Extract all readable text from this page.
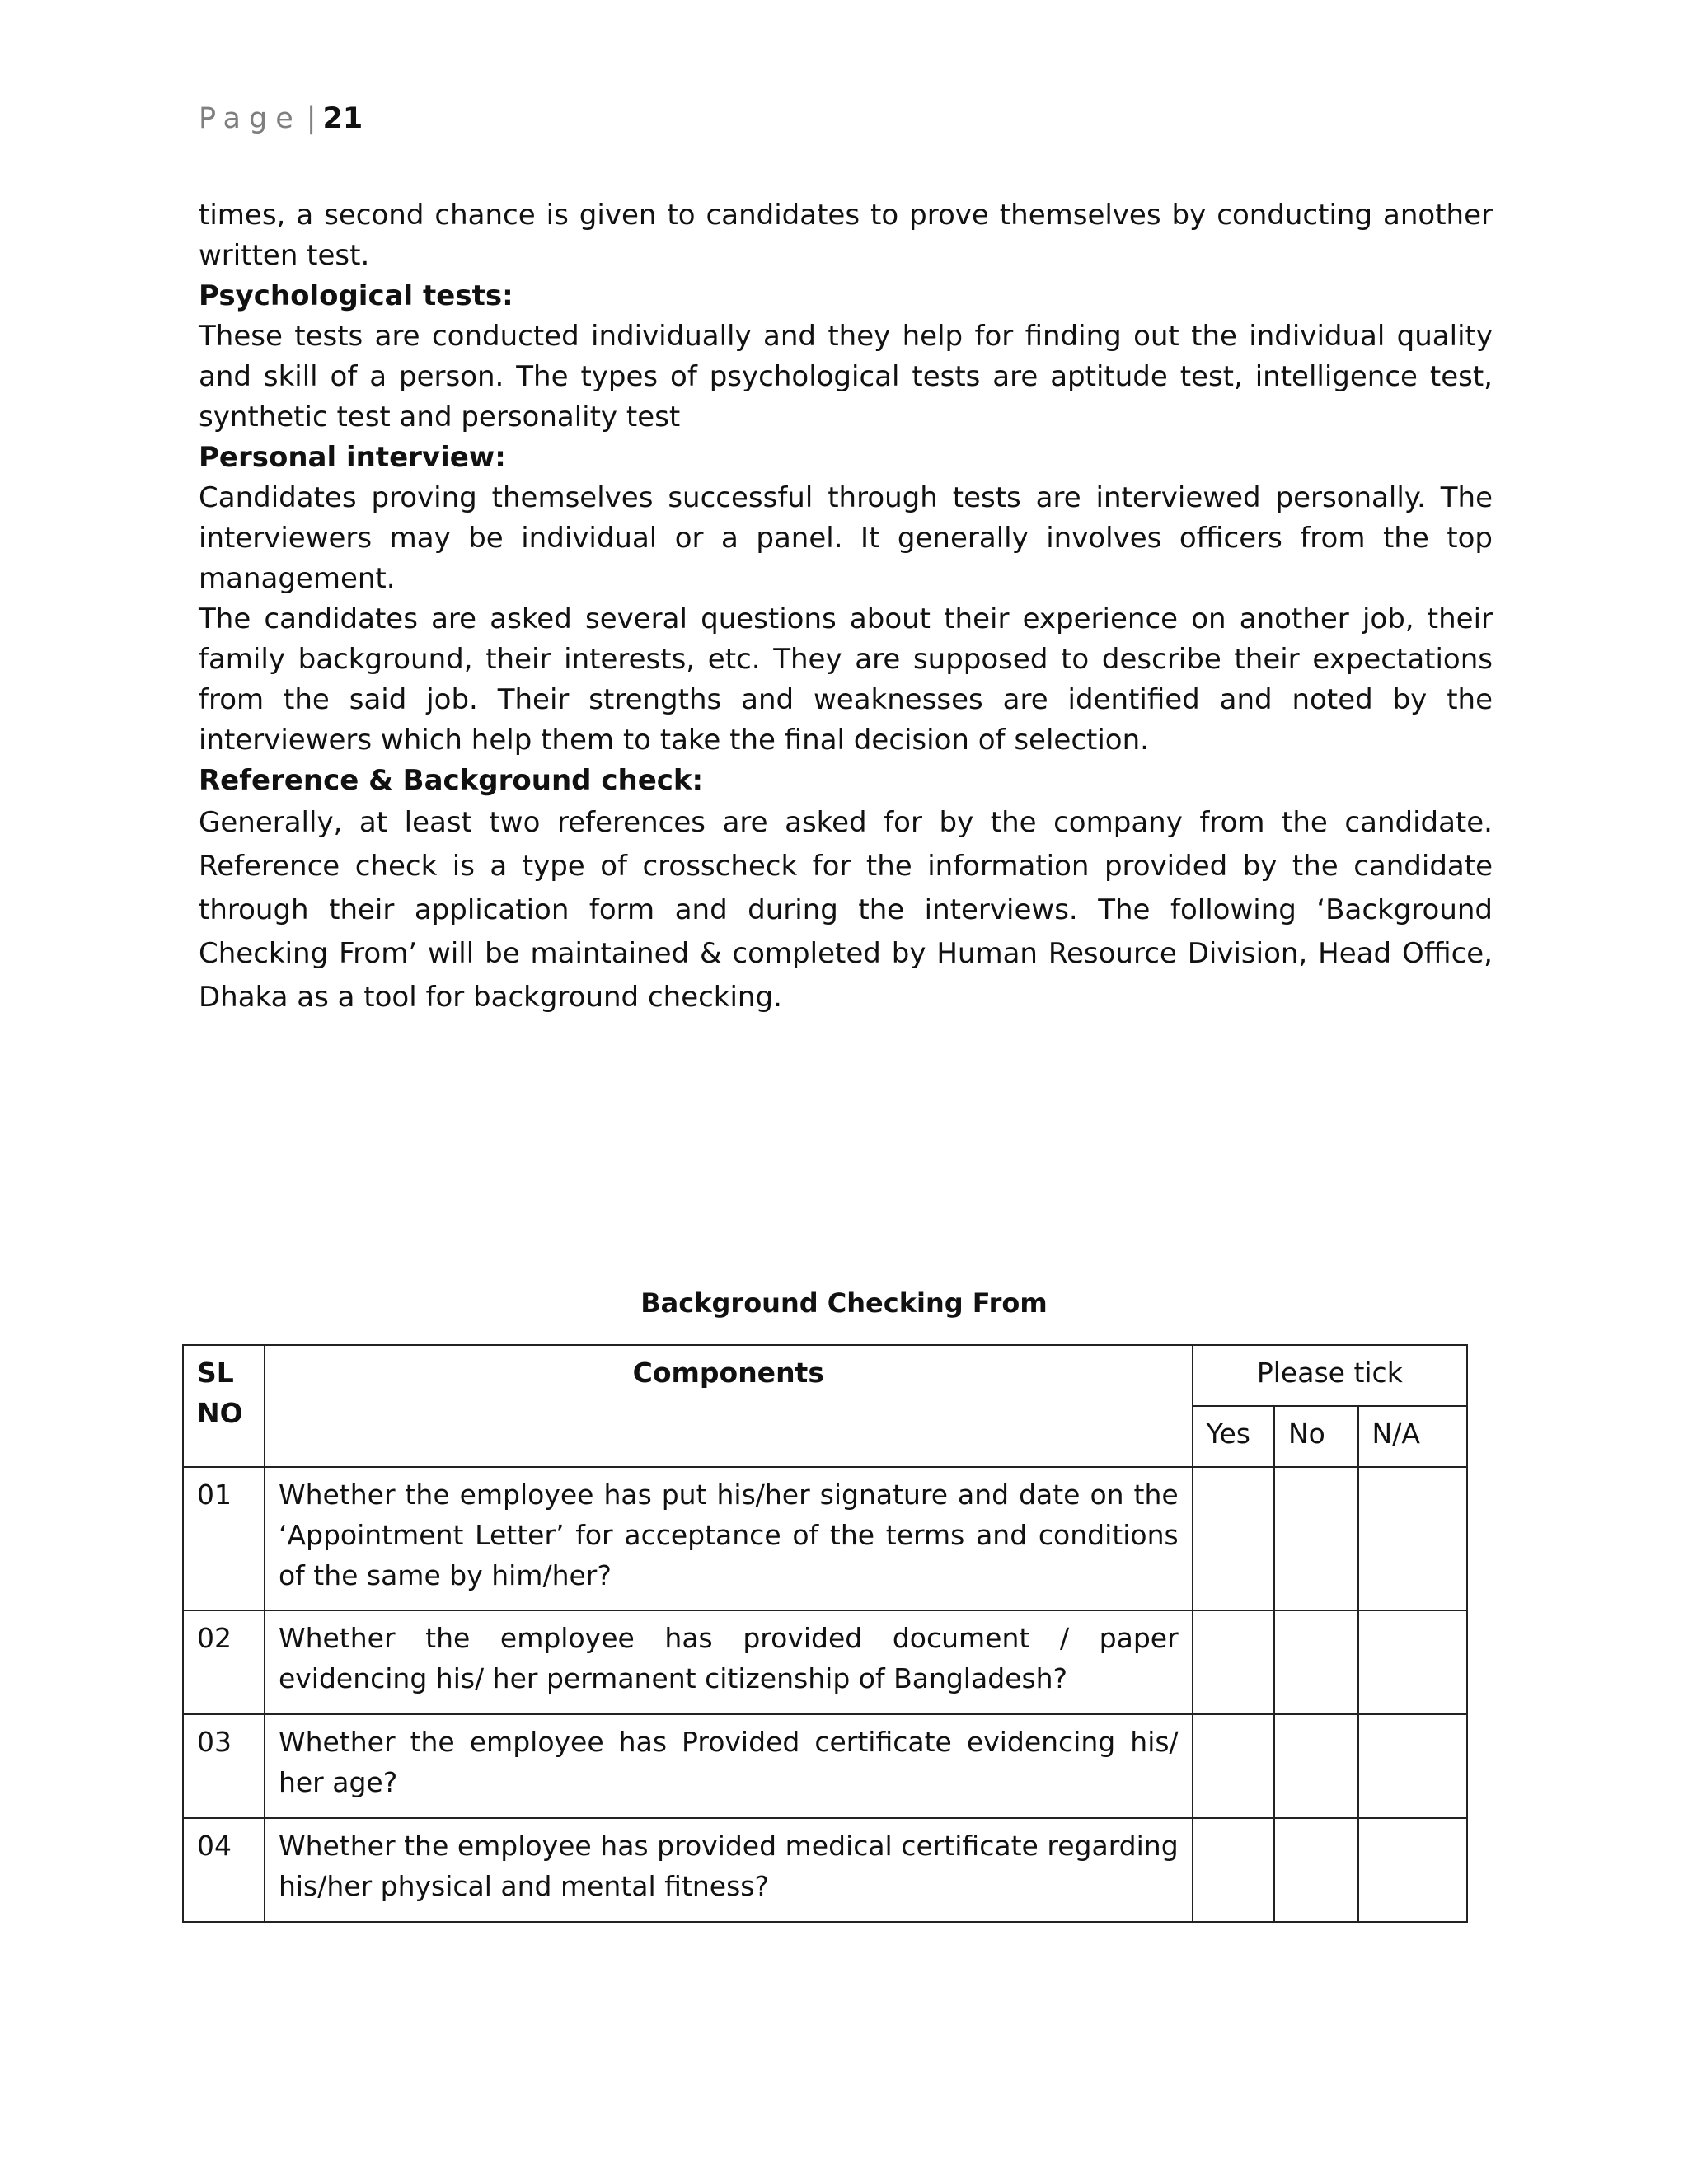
Page | 21

times, a second chance is given to candidates to prove themselves by conducting another written test.

Psychological tests:

These tests are conducted individually and they help for finding out the individual quality and skill of a person. The types of psychological tests are aptitude test, intelligence test, synthetic test and personality test

Personal interview:

Candidates proving themselves successful through tests are interviewed personally. The interviewers may be individual or a panel. It generally involves officers from the top management.

The candidates are asked several questions about their experience on another job, their family background, their interests, etc. They are supposed to describe their expectations from the said job. Their strengths and weaknesses are identified and noted by the interviewers which help them to take the final decision of selection.

Reference & Background check:

Generally, at least two references are asked for by the company from the candidate. Reference check is a type of crosscheck for the information provided by the candidate through their application form and during the interviews. The following ‘Background Checking From’ will be maintained & completed by Human Resource Division, Head Office, Dhaka as a tool for background checking.

Background Checking From
SL NO	Components	Please tick		
		Yes	No	N/A
01	Whether the employee has put his/her signature and date on the ‘Appointment Letter’ for acceptance of the terms and conditions of the same by him/her?			
02	Whether the employee has provided document / paper evidencing his/ her permanent citizenship of Bangladesh?			
03	Whether the employee has Provided certificate evidencing his/ her age?			
04	Whether the employee has provided medical certificate regarding his/her physical and mental fitness?			
